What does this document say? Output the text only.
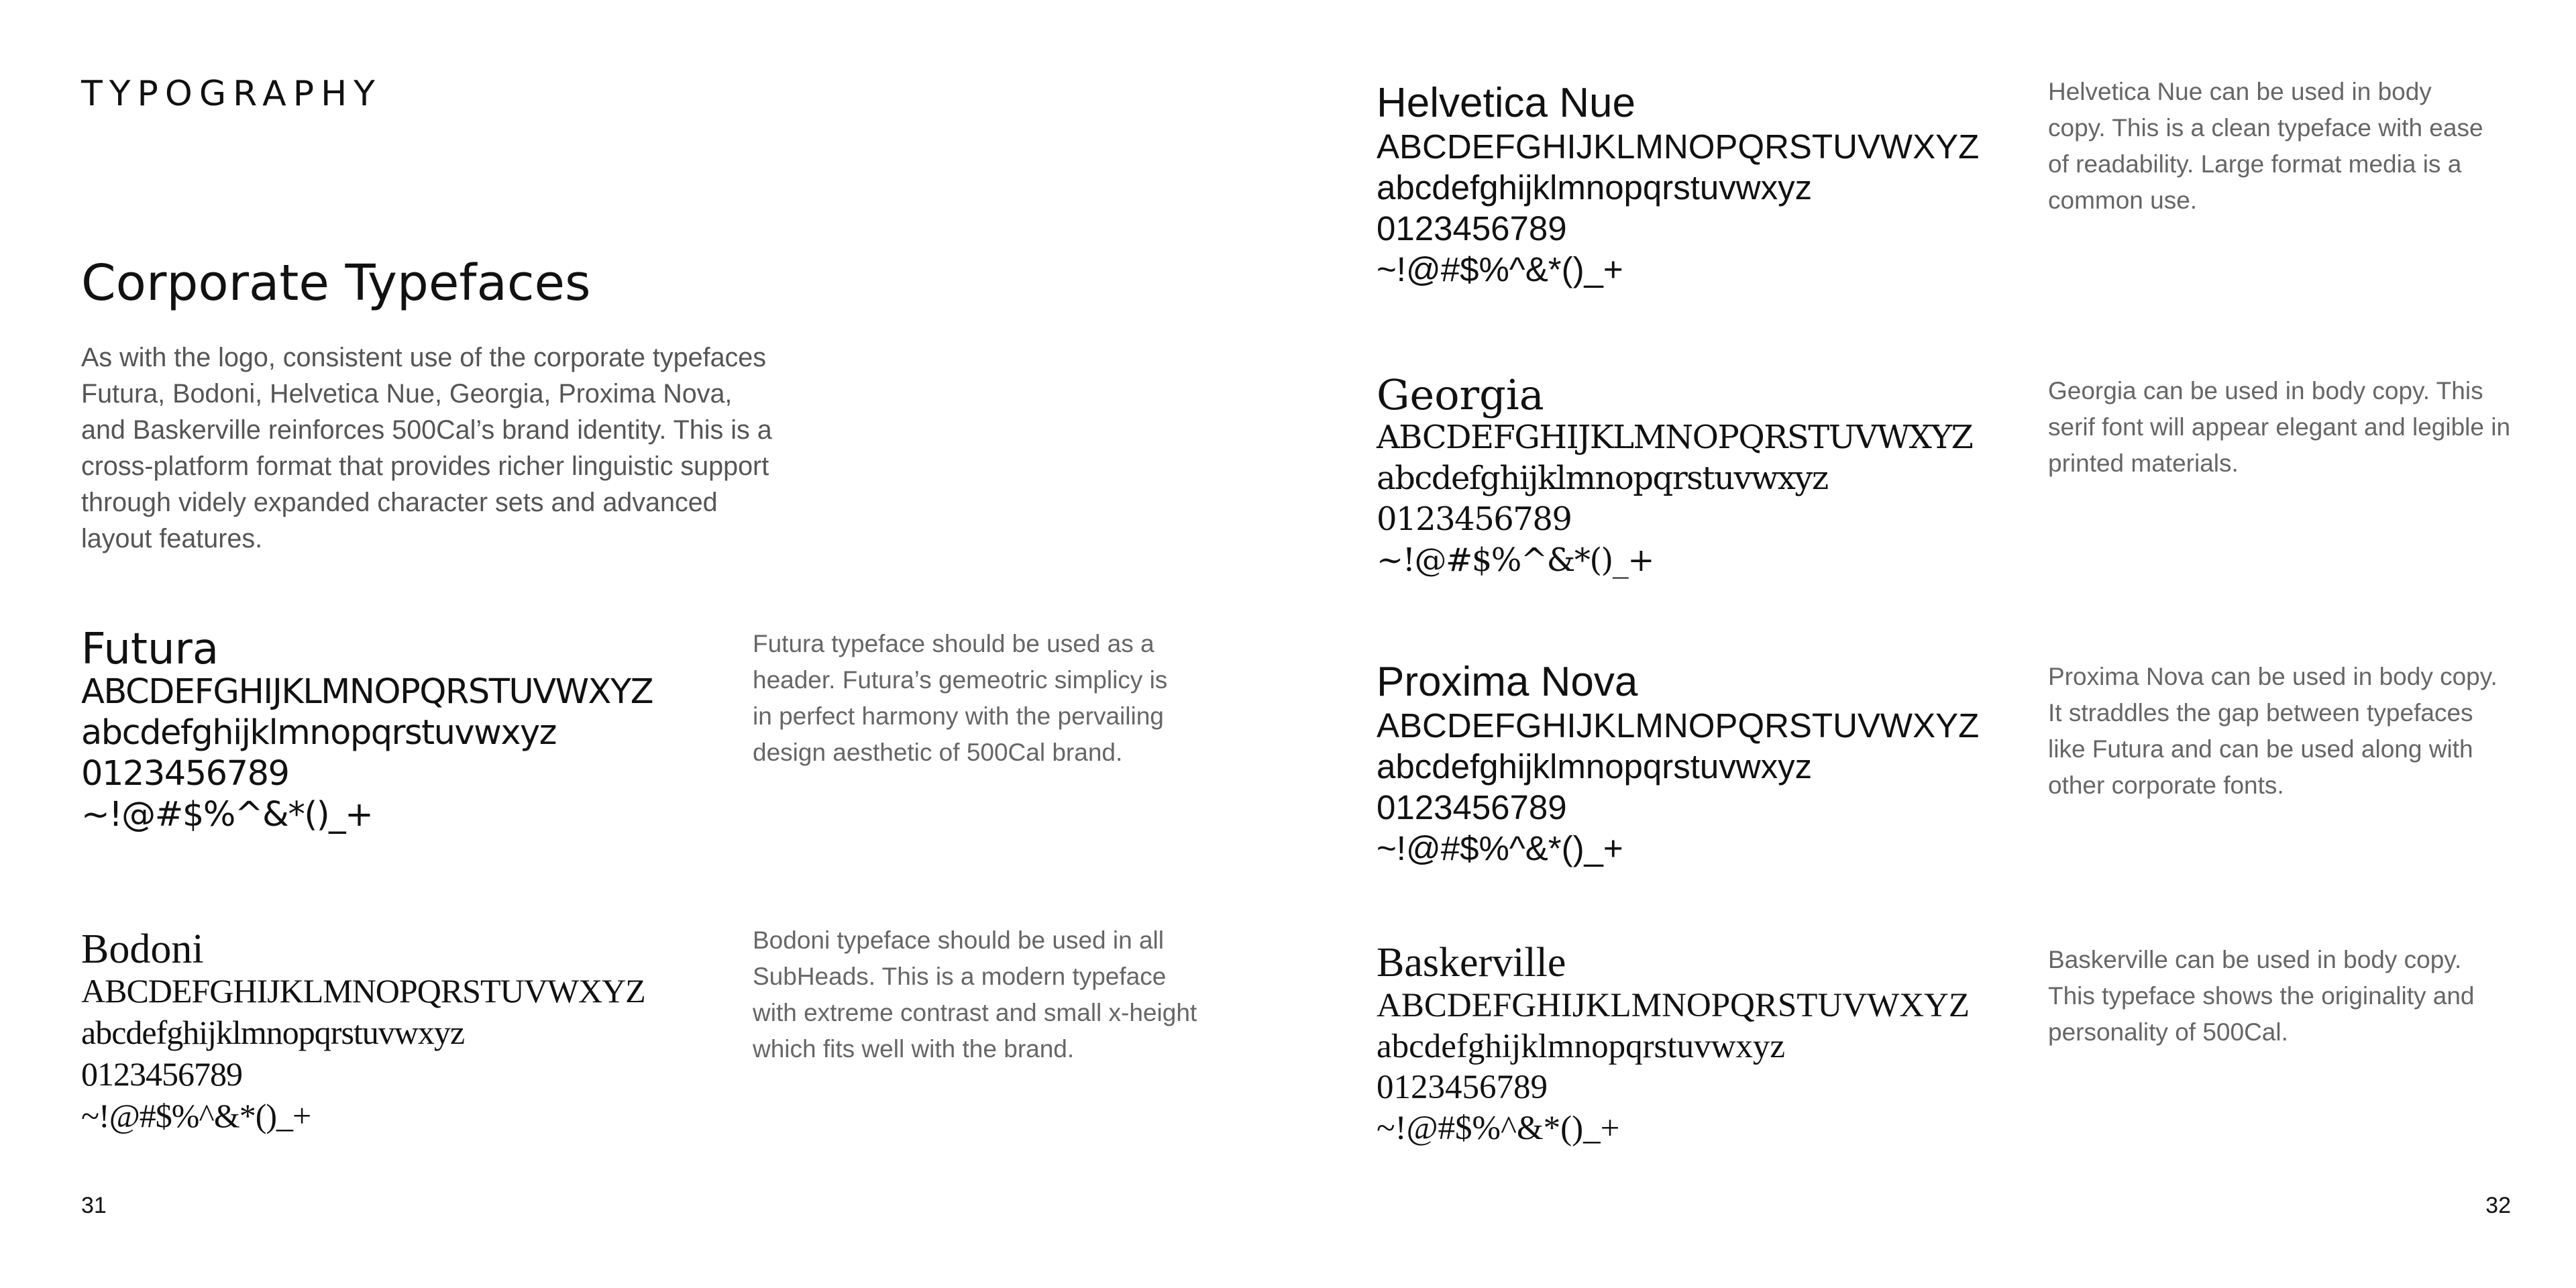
TYPOGRAPHY
Corporate Typefaces
As with the logo, consistent use of the corporate typefaces
Futura, Bodoni, Helvetica Nue, Georgia, Proxima Nova,
and Baskerville reinforces 500Cal’s brand identity. This is a
cross-platform format that provides richer linguistic support
through videly expanded character sets and advanced
layout features.
Futura
ABCDEFGHIJKLMNOPQRSTUVWXYZ
abcdefghijklmnopqrstuvwxyz
0123456789
~!@#$%^&*()_+
Futura typeface should be used as a
header. Futura’s gemeotric simplicy is
in perfect harmony with the pervailing
design aesthetic of 500Cal brand.
Bodoni
ABCDEFGHIJKLMNOPQRSTUVWXYZ
abcdefghijklmnopqrstuvwxyz
0123456789
~!@#$%^&*()_+
Bodoni typeface should be used in all
SubHeads. This is a modern typeface
with extreme contrast and small x-height
which fits well with the brand.
31
Helvetica Nue
ABCDEFGHIJKLMNOPQRSTUVWXYZ
abcdefghijklmnopqrstuvwxyz
0123456789
~!@#$%^&*()_+
Helvetica Nue can be used in body
copy. This is a clean typeface with ease
of readability. Large format media is a
common use.
Georgia
ABCDEFGHIJKLMNOPQRSTUVWXYZ
abcdefghijklmnopqrstuvwxyz
0123456789
~!@#$%^&*()_+
Georgia can be used in body copy. This
serif font will appear elegant and legible in
printed materials.
Proxima Nova
ABCDEFGHIJKLMNOPQRSTUVWXYZ
abcdefghijklmnopqrstuvwxyz
0123456789
~!@#$%^&*()_+
Proxima Nova can be used in body copy.
It straddles the gap between typefaces
like Futura and can be used along with
other corporate fonts.
Baskerville
ABCDEFGHIJKLMNOPQRSTUVWXYZ
abcdefghijklmnopqrstuvwxyz
0123456789
~!@#$%^&*()_+
Baskerville can be used in body copy.
This typeface shows the originality and
personality of 500Cal.
32
